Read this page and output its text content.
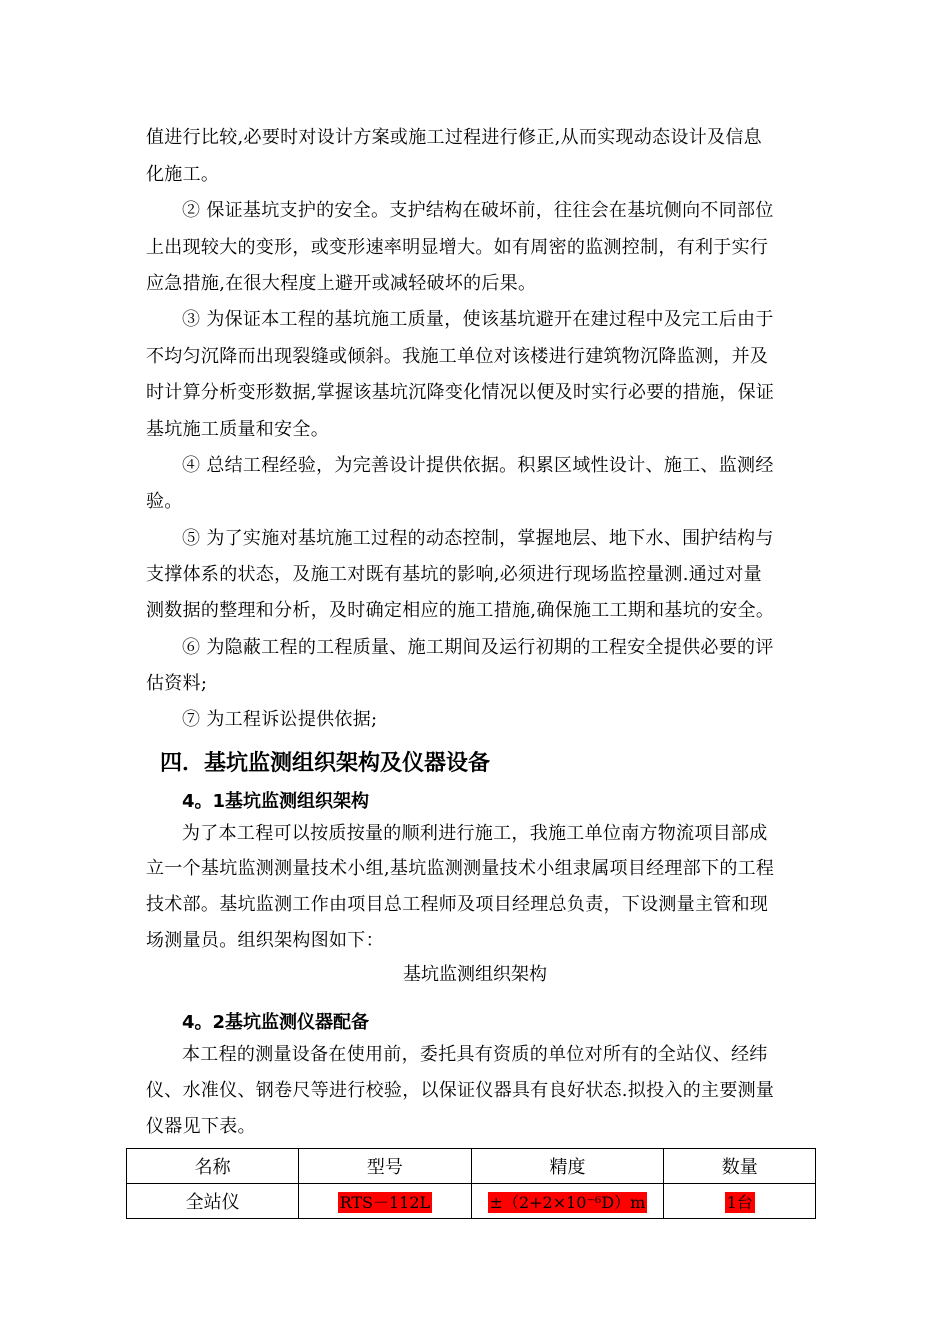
值进行比较,必要时对设计方案或施工过程进行修正,从而实现动态设计及信息
化施工。
② 保证基坑支护的安全。支护结构在破坏前，往往会在基坑侧向不同部位
上出现较大的变形，或变形速率明显增大。如有周密的监测控制，有利于实行
应急措施,在很大程度上避开或减轻破坏的后果。
③ 为保证本工程的基坑施工质量，使该基坑避开在建过程中及完工后由于
不均匀沉降而出现裂缝或倾斜。我施工单位对该楼进行建筑物沉降监测，并及
时计算分析变形数据,掌握该基坑沉降变化情况以便及时实行必要的措施，保证
基坑施工质量和安全。
④ 总结工程经验，为完善设计提供依据。积累区域性设计、施工、监测经
验。
⑤ 为了实施对基坑施工过程的动态控制，掌握地层、地下水、围护结构与
支撑体系的状态，及施工对既有基坑的影响,必须进行现场监控量测.通过对量
测数据的整理和分析，及时确定相应的施工措施,确保施工工期和基坑的安全。
⑥ 为隐蔽工程的工程质量、施工期间及运行初期的工程安全提供必要的评
估资料;
⑦ 为工程诉讼提供依据;
四．基坑监测组织架构及仪器设备
4。1基坑监测组织架构
为了本工程可以按质按量的顺利进行施工，我施工单位南方物流项目部成
立一个基坑监测测量技术小组,基坑监测测量技术小组隶属项目经理部下的工程
技术部。基坑监测工作由项目总工程师及项目经理总负责，下设测量主管和现
场测量员。组织架构图如下：
基坑监测组织架构
4。2基坑监测仪器配备
本工程的测量设备在使用前，委托具有资质的单位对所有的全站仪、经纬
仪、水准仪、钢卷尺等进行校验，以保证仪器具有良好状态.拟投入的主要测量
仪器见下表。
名称	型号	精度	数量
全站仪	RTS－112L	±（2+2×10⁻⁶D）m	1台
